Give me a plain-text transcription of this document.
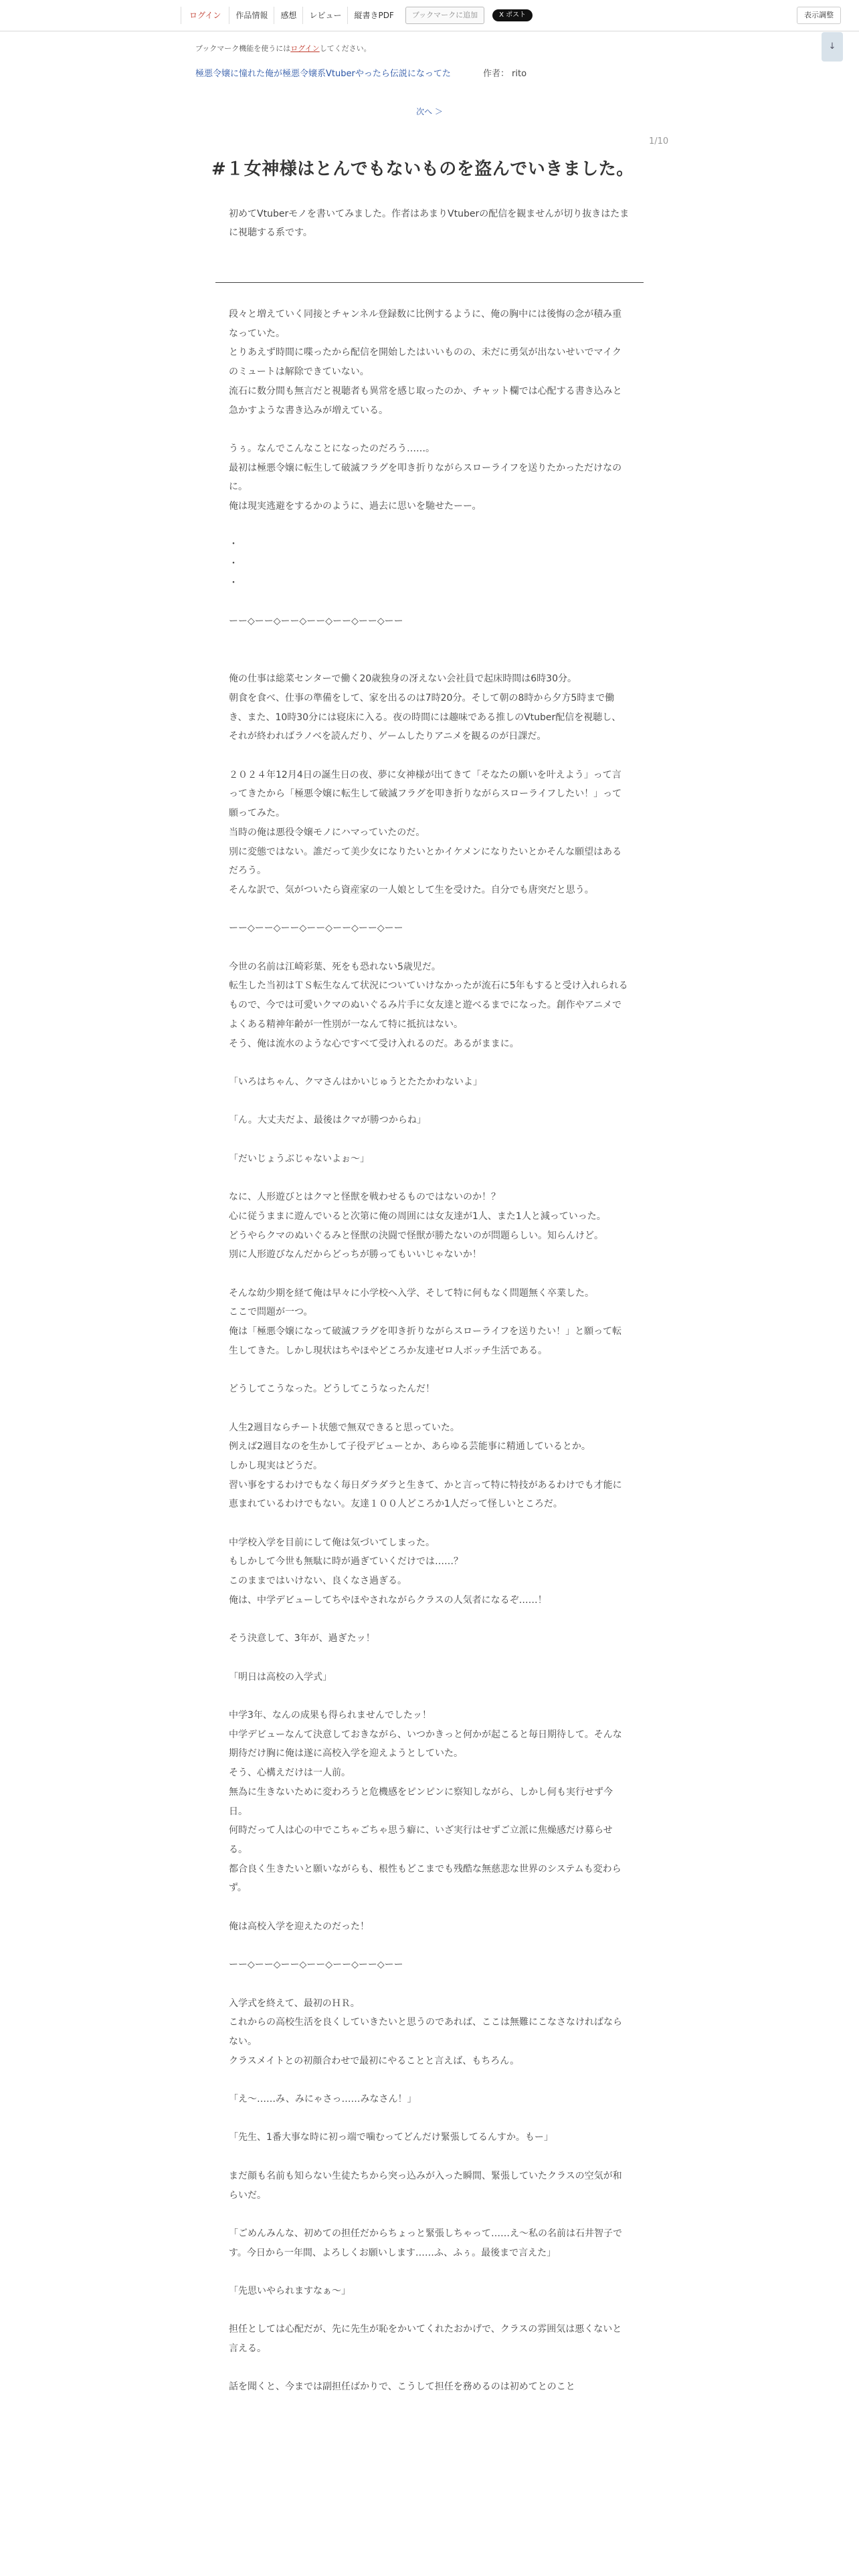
ログイン	作品情報	感想	レビュー	縦書きPDF	ブックマークに追加	X ポスト	表示調整
↓
ブックマーク機能を使うにはログインしてください。
極悪令嬢に憧れた俺が極悪令嬢系Vtuberやったら伝説になってた	作者： rito
次へ ＞
1/10
#１女神様はとんでもないものを盗んでいきました。

初めてVtuberモノを書いてみました。作者はあまりVtuberの配信を観ませんが切り抜きはたまに視聴する系です。

段々と増えていく同接とチャンネル登録数に比例するように、俺の胸中には後悔の念が積み重なっていた。

とりあえず時間に喋ったから配信を開始したはいいものの、未だに勇気が出ないせいでマイクのミュートは解除できていない。

流石に数分間も無言だと視聴者も異常を感じ取ったのか、チャット欄では心配する書き込みと急かすような書き込みが増えている。

うぅ。なんでこんなことになったのだろう……。

最初は極悪令嬢に転生して破滅フラグを叩き折りながらスローライフを送りたかっただけなのに。

俺は現実逃避をするかのように、過去に思いを馳せたーー。

・

・

・

ーー◇ーー◇ーー◇ーー◇ーー◇ーー◇ーー

俺の仕事は総菜センターで働く20歳独身の冴えない会社員で起床時間は6時30分。

朝食を食べ、仕事の準備をして、家を出るのは7時20分。そして朝の8時から夕方5時まで働き、また、10時30分には寝床に入る。夜の時間には趣味である推しのVtuber配信を視聴し、それが終わればラノベを読んだり、ゲームしたりアニメを観るのが日課だ。

２０２４年12月4日の誕生日の夜、夢に女神様が出てきて「そなたの願いを叶えよう」って言ってきたから「極悪令嬢に転生して破滅フラグを叩き折りながらスローライフしたい！」って願ってみた。

当時の俺は悪役令嬢モノにハマっていたのだ。

別に変態ではない。誰だって美少女になりたいとかイケメンになりたいとかそんな願望はあるだろう。

そんな訳で、気がついたら資産家の一人娘として生を受けた。自分でも唐突だと思う。

ーー◇ーー◇ーー◇ーー◇ーー◇ーー◇ーー

今世の名前は江崎彩葉、死をも恐れない5歳児だ。

転生した当初はＴＳ転生なんて状況についていけなかったが流石に5年もすると受け入れられるもので、今では可愛いクマのぬいぐるみ片手に女友達と遊べるまでになった。創作やアニメでよくある精神年齢が一性別が一なんて特に抵抗はない。

そう、俺は流水のような心ですべて受け入れるのだ。あるがままに。

「いろはちゃん、クマさんはかいじゅうとたたかわないよ」

「ん。大丈夫だよ、最後はクマが勝つからね」

「だいじょうぶじゃないよぉ〜」

なに、人形遊びとはクマと怪獣を戦わせるものではないのか！？

心に従うままに遊んでいると次第に俺の周囲には女友達が1人、また1人と減っていった。

どうやらクマのぬいぐるみと怪獣の決闘で怪獣が勝たないのが問題らしい。知らんけど。

別に人形遊びなんだからどっちが勝ってもいいじゃないか！

そんな幼少期を経て俺は早々に小学校へ入学、そして特に何もなく問題無く卒業した。

ここで問題が一つ。

俺は「極悪令嬢になって破滅フラグを叩き折りながらスローライフを送りたい！」と願って転生してきた。しかし現状はちやほやどころか友達ゼロ人ボッチ生活である。

どうしてこうなった。どうしてこうなったんだ！

人生2週目ならチート状態で無双できると思っていた。

例えば2週目なのを生かして子役デビューとか、あらゆる芸能事に精通しているとか。

しかし現実はどうだ。

習い事をするわけでもなく毎日ダラダラと生きて、かと言って特に特技があるわけでも才能に恵まれているわけでもない。友達１００人どころか1人だって怪しいところだ。

中学校入学を目前にして俺は気づいてしまった。

もしかして今世も無駄に時が過ぎていくだけでは……？

このままではいけない、良くなさ過ぎる。

俺は、中学デビューしてちやほやされながらクラスの人気者になるぞ……！

そう決意して、3年が、過ぎたッ！

「明日は高校の入学式」

中学3年、なんの成果も得られませんでしたッ！

中学デビューなんて決意しておきながら、いつかきっと何かが起こると毎日期待して。そんな期待だけ胸に俺は遂に高校入学を迎えようとしていた。

そう、心構えだけは一人前。

無為に生きないために変わろうと危機感をピンピンに察知しながら、しかし何も実行せず今日。

何時だって人は心の中でこちゃごちゃ思う癖に、いざ実行はせずご立派に焦燥感だけ募らせる。

都合良く生きたいと願いながらも、根性もどこまでも残酷な無慈悲な世界のシステムも変わらず。

俺は高校入学を迎えたのだった！

ーー◇ーー◇ーー◇ーー◇ーー◇ーー◇ーー

入学式を終えて、最初のＨＲ。

これからの高校生活を良くしていきたいと思うのであれば、ここは無難にこなさなければならない。

クラスメイトとの初顔合わせで最初にやることと言えば、もちろん。

「え〜……み、みにゃさっ……みなさん！」

「先生、1番大事な時に初っ端で噛むってどんだけ緊張してるんすか。もー」

まだ顔も名前も知らない生徒たちから突っ込みが入った瞬間、緊張していたクラスの空気が和らいだ。

「ごめんみんな、初めての担任だからちょっと緊張しちゃって……え〜私の名前は石井智子です。今日から一年間、よろしくお願いします……ふ、ふぅ。最後まで言えた」

「先思いやられますなぁ〜」

担任としては心配だが、先に先生が恥をかいてくれたおかげで、クラスの雰囲気は悪くないと言える。

話を聞くと、今までは副担任ばかりで、こうして担任を務めるのは初めてとのこと
